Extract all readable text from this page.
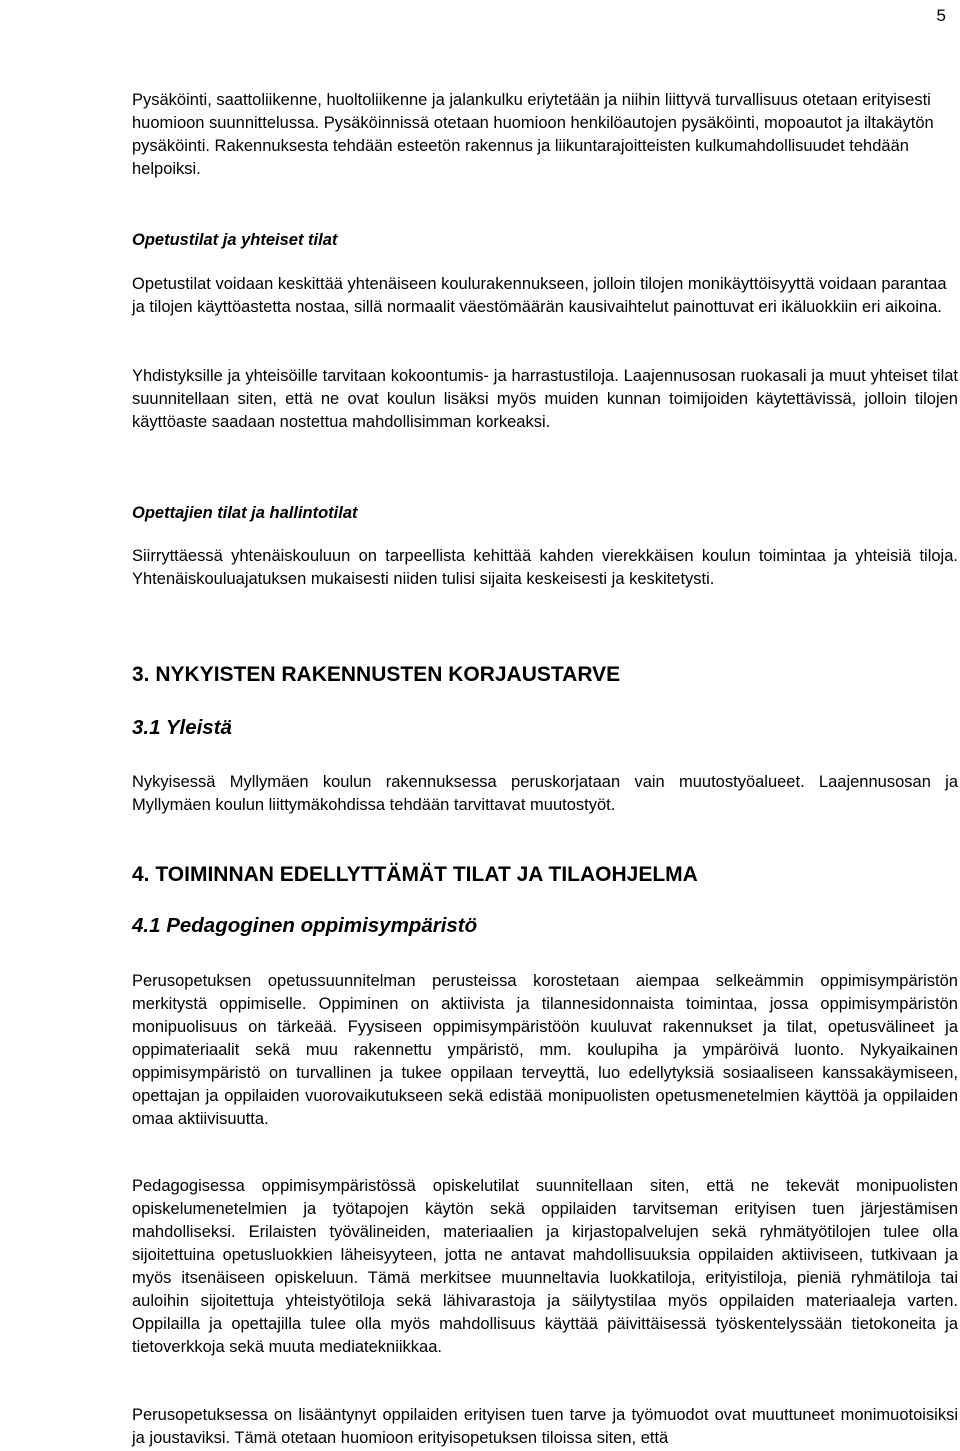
5

Pysäköinti, saattoliikenne, huoltoliikenne ja jalankulku eriytetään ja niihin liittyvä turvallisuus otetaan erityisesti huomioon suunnittelussa. Pysäköinnissä otetaan huomioon henkilöautojen pysäköinti, mopoautot ja iltakäytön pysäköinti. Rakennuksesta tehdään esteetön rakennus ja liikuntarajoitteisten kulkumahdollisuudet tehdään helpoiksi.

Opetustilat ja yhteiset tilat

Opetustilat voidaan keskittää yhtenäiseen koulurakennukseen, jolloin tilojen monikäyttöisyyttä voidaan parantaa ja tilojen käyttöastetta nostaa, sillä normaalit väestömäärän kausivaihtelut painottuvat eri ikäluokkiin eri aikoina.

Yhdistyksille ja yhteisöille tarvitaan kokoontumis- ja harrastustiloja. Laajennusosan ruokasali ja muut yhteiset tilat suunnitellaan siten, että ne ovat koulun lisäksi myös muiden kunnan toimijoiden käytettävissä, jolloin tilojen käyttöaste saadaan nostettua mahdollisimman korkeaksi.

Opettajien tilat ja hallintotilat

Siirryttäessä yhtenäiskouluun on tarpeellista kehittää kahden vierekkäisen koulun toimintaa ja yhteisiä tiloja. Yhtenäiskouluajatuksen mukaisesti niiden tulisi sijaita keskeisesti ja keskitetysti.

3. NYKYISTEN RAKENNUSTEN KORJAUSTARVE
3.1 Yleistä

Nykyisessä Myllymäen koulun rakennuksessa peruskorjataan vain muutostyöalueet. Laajennusosan ja Myllymäen koulun liittymäkohdissa tehdään tarvittavat muutostyöt.

4. TOIMINNAN EDELLYTTÄMÄT TILAT JA TILAOHJELMA
4.1 Pedagoginen oppimisympäristö

Perusopetuksen opetussuunnitelman perusteissa korostetaan aiempaa selkeämmin oppimisympäristön merkitystä oppimiselle. Oppiminen on aktiivista ja tilannesidonnaista toimintaa, jossa oppimisympäristön monipuolisuus on tärkeää. Fyysiseen oppimisympäristöön kuuluvat rakennukset ja tilat, opetusvälineet ja oppimateriaalit sekä muu rakennettu ympäristö, mm. koulupiha ja ympäröivä luonto. Nykyaikainen oppimisympäristö on turvallinen ja tukee oppilaan terveyttä, luo edellytyksiä sosiaaliseen kanssakäymiseen, opettajan ja oppilaiden vuorovaikutukseen sekä edistää monipuolisten opetusmenetelmien käyttöä ja oppilaiden omaa aktiivisuutta.

Pedagogisessa oppimisympäristössä opiskelutilat suunnitellaan siten, että ne tekevät monipuolisten opiskelumenetelmien ja työtapojen käytön sekä oppilaiden tarvitseman erityisen tuen järjestämisen mahdolliseksi. Erilaisten työvälineiden, materiaalien ja kirjastopalvelujen sekä ryhmätyötilojen tulee olla sijoitettuina opetusluokkien läheisyyteen, jotta ne antavat mahdollisuuksia oppilaiden aktiiviseen, tutkivaan ja myös itsenäiseen opiskeluun. Tämä merkitsee muunneltavia luokkatiloja, erityistiloja, pieniä ryhmätiloja tai auloihin sijoitettuja yhteistyötiloja sekä lähivarastoja ja säilytystilaa myös oppilaiden materiaaleja varten. Oppilailla ja opettajilla tulee olla myös mahdollisuus käyttää päivittäisessä työskentelyssään tietokoneita ja tietoverkkoja sekä muuta mediatekniikkaa.

Perusopetuksessa on lisääntynyt oppilaiden erityisen tuen tarve ja työmuodot ovat muuttuneet monimuotoisiksi ja joustaviksi. Tämä otetaan huomioon erityisopetuksen tiloissa siten, että
